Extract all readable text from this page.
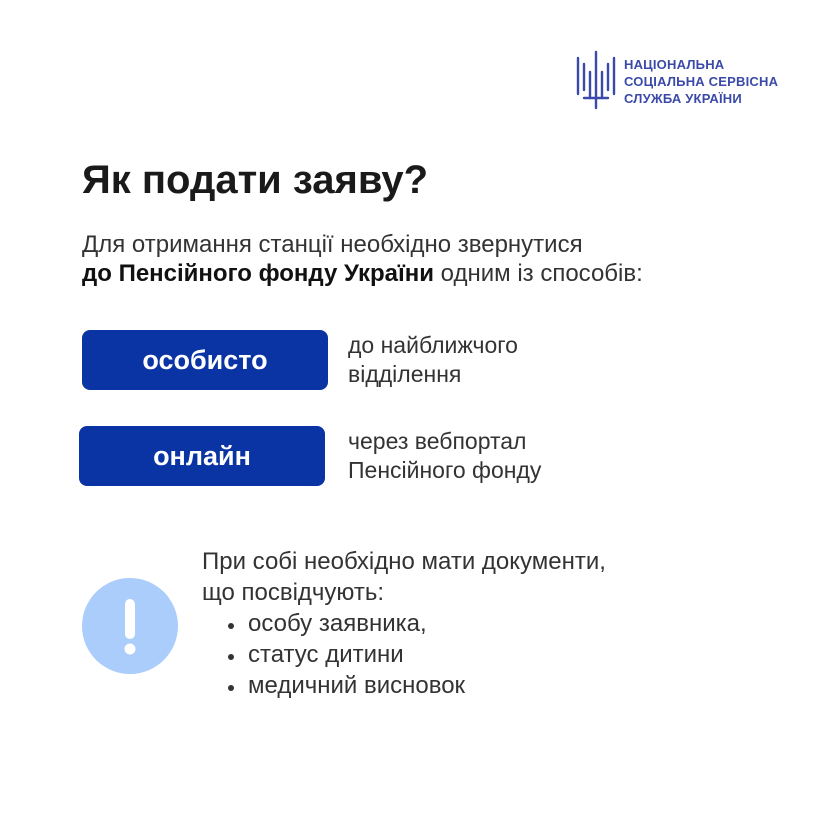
НАЦІОНАЛЬНА
СОЦІАЛЬНА СЕРВІСНА
СЛУЖБА УКРАЇНИ
Як подати заяву?
Для отримання станції необхідно звернутися
до Пенсійного фонду України одним із способів:
особисто	до найближчого
відділення
онлайн	через вебпортал
Пенсійного фонду
При собі необхідно мати документи,
що посвідчують:
• особу заявника,
• статус дитини
• медичний висновок
